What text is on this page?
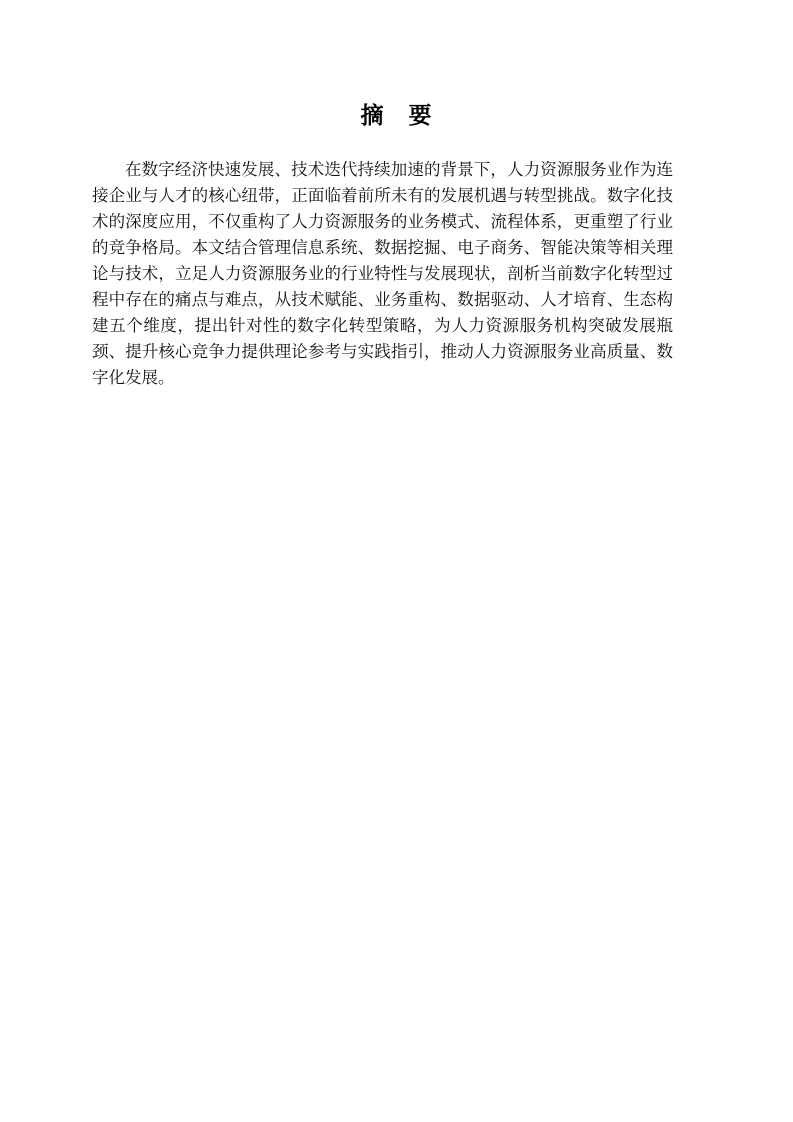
摘　要

在数字经济快速发展、技术迭代持续加速的背景下，人力资源服务业作为连接企业与人才的核心纽带，正面临着前所未有的发展机遇与转型挑战。数字化技术的深度应用，不仅重构了人力资源服务的业务模式、流程体系，更重塑了行业的竞争格局。本文结合管理信息系统、数据挖掘、电子商务、智能决策等相关理论与技术，立足人力资源服务业的行业特性与发展现状，剖析当前数字化转型过程中存在的痛点与难点，从技术赋能、业务重构、数据驱动、人才培育、生态构建五个维度，提出针对性的数字化转型策略，为人力资源服务机构突破发展瓶颈、提升核心竞争力提供理论参考与实践指引，推动人力资源服务业高质量、数字化发展。
